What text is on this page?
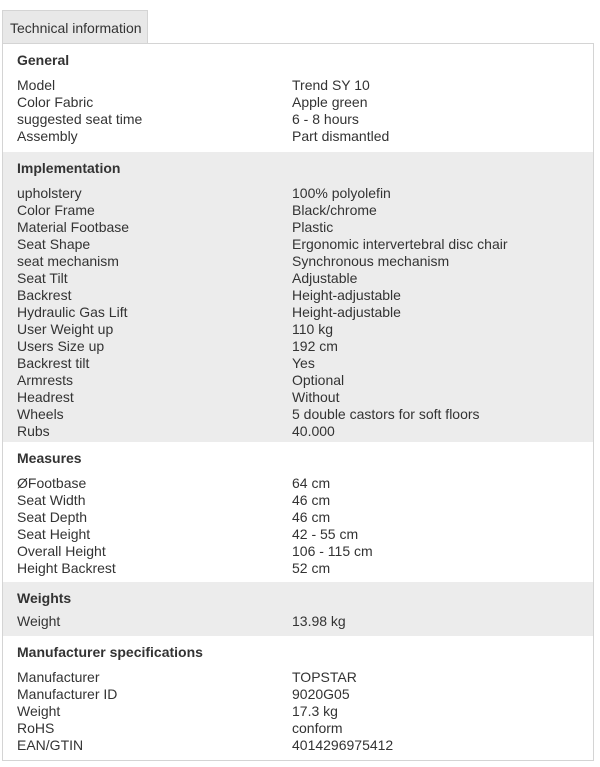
Technical information
General
Model	Trend SY 10
Color Fabric	Apple green
suggested seat time	6 - 8 hours
Assembly	Part dismantled
Implementation
upholstery	100% polyolefin
Color Frame	Black/chrome
Material Footbase	Plastic
Seat Shape	Ergonomic intervertebral disc chair
seat mechanism	Synchronous mechanism
Seat Tilt	Adjustable
Backrest	Height-adjustable
Hydraulic Gas Lift	Height-adjustable
User Weight up	110 kg
Users Size up	192 cm
Backrest tilt	Yes
Armrests	Optional
Headrest	Without
Wheels	5 double castors for soft floors
Rubs	40.000
Measures
ØFootbase	64 cm
Seat Width	46 cm
Seat Depth	46 cm
Seat Height	42 - 55 cm
Overall Height	106 - 115 cm
Height Backrest	52 cm
Weights
Weight	13.98 kg
Manufacturer specifications
Manufacturer	TOPSTAR
Manufacturer ID	9020G05
Weight	17.3 kg
RoHS	conform
EAN/GTIN	4014296975412
